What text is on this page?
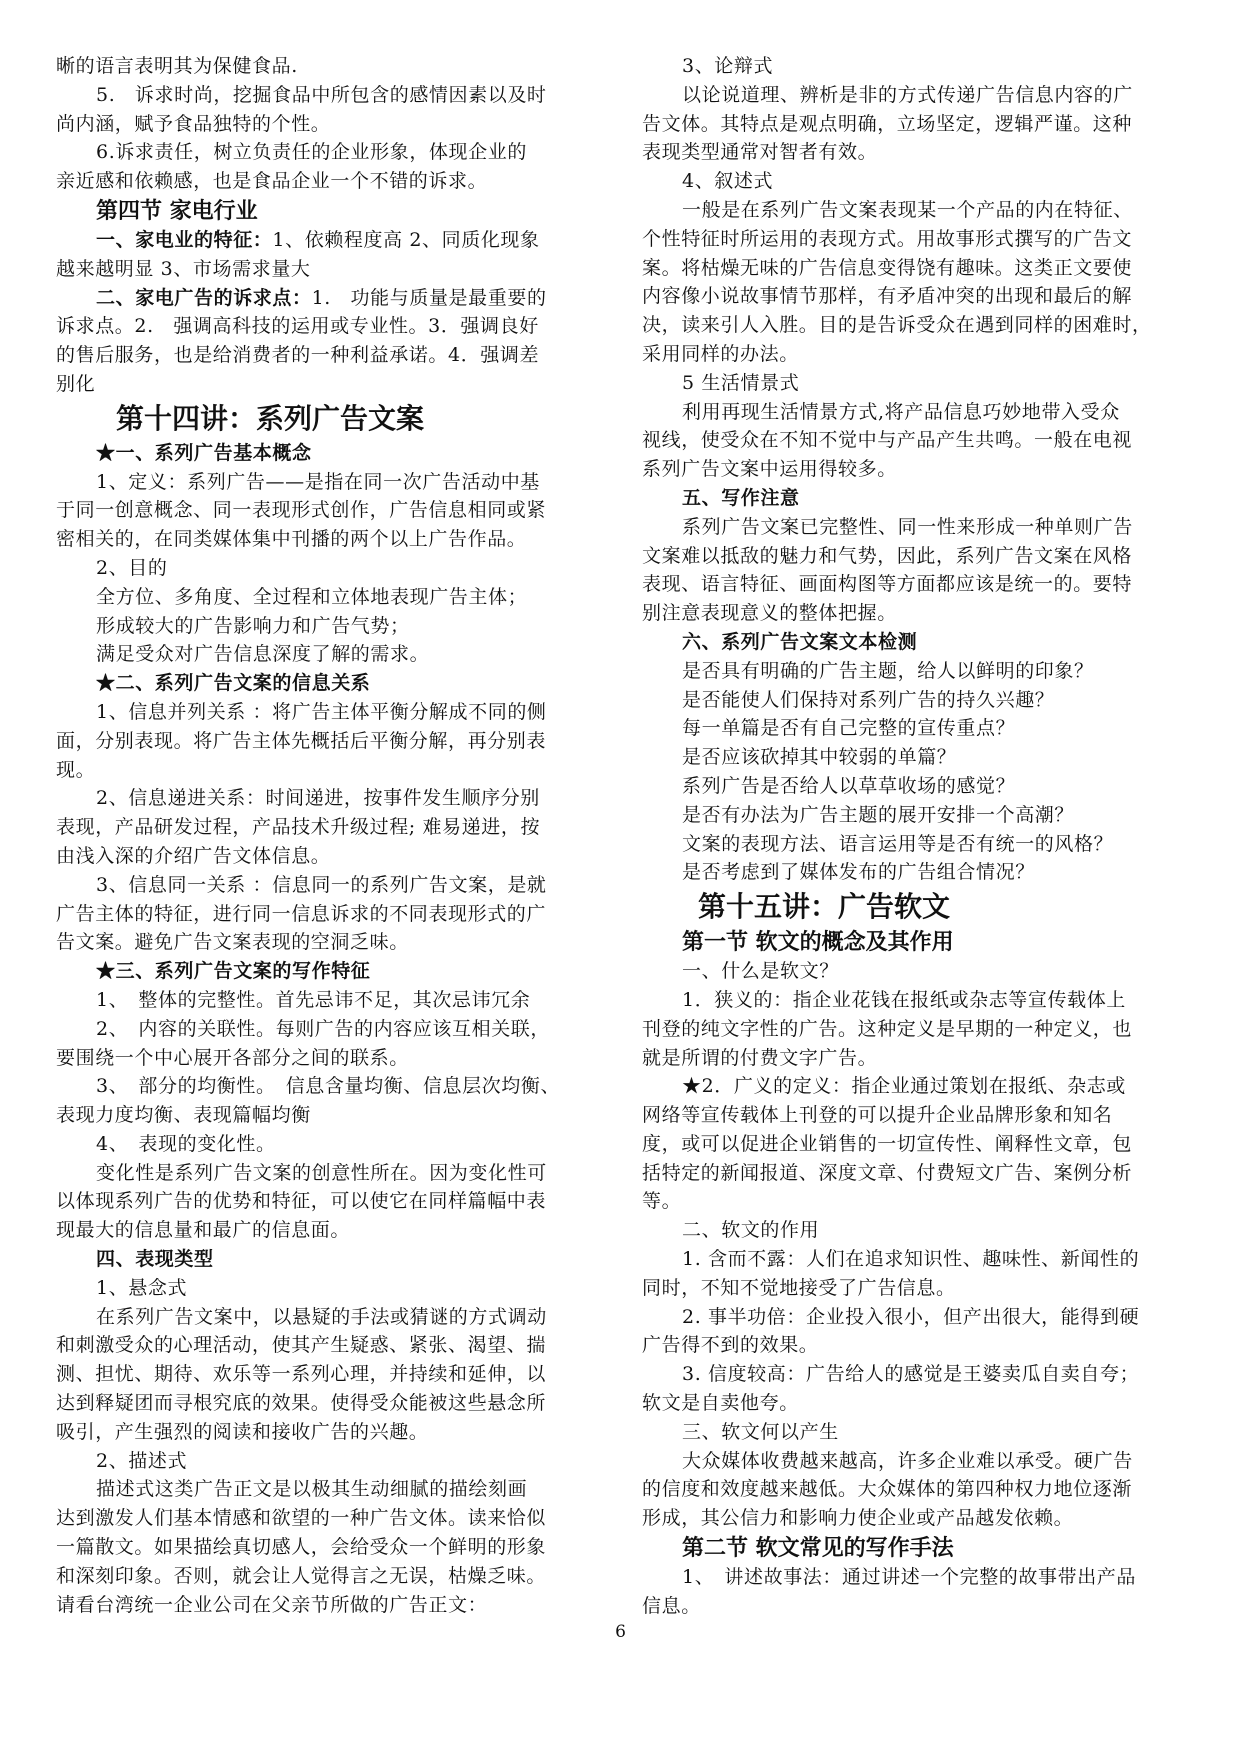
晰的语言表明其为保健食品.
5.　诉求时尚，挖掘食品中所包含的感情因素以及时
尚内涵，赋予食品独特的个性。
6.诉求责任，树立负责任的企业形象，体现企业的
亲近感和依赖感，也是食品企业一个不错的诉求。
第四节 家电行业
一、家电业的特征：1、依赖程度高 2、同质化现象
越来越明显 3、市场需求量大
二、家电广告的诉求点：1.　功能与质量是最重要的
诉求点。2.　强调高科技的运用或专业性。3．强调良好
的售后服务，也是给消费者的一种利益承诺。4．强调差
别化
第十四讲：系列广告文案
★一、系列广告基本概念
1、定义：系列广告——是指在同一次广告活动中基
于同一创意概念、同一表现形式创作，广告信息相同或紧
密相关的，在同类媒体集中刊播的两个以上广告作品。
2、目的
全方位、多角度、全过程和立体地表现广告主体；
形成较大的广告影响力和广告气势；
满足受众对广告信息深度了解的需求。
★二、系列广告文案的信息关系
1、信息并列关系 ：将广告主体平衡分解成不同的侧
面，分别表现。将广告主体先概括后平衡分解，再分别表
现。
2、信息递进关系：时间递进，按事件发生顺序分别
表现，产品研发过程，产品技术升级过程; 难易递进，按
由浅入深的介绍广告文体信息。
3、信息同一关系 ：信息同一的系列广告文案，是就
广告主体的特征，进行同一信息诉求的不同表现形式的广
告文案。避免广告文案表现的空洞乏味。
★三、系列广告文案的写作特征
1、　整体的完整性。首先忌讳不足，其次忌讳冗余
2、　内容的关联性。每则广告的内容应该互相关联，
要围绕一个中心展开各部分之间的联系。
3、　部分的均衡性。　信息含量均衡、信息层次均衡、
表现力度均衡、表现篇幅均衡
4、　表现的变化性。
变化性是系列广告文案的创意性所在。因为变化性可
以体现系列广告的优势和特征，可以使它在同样篇幅中表
现最大的信息量和最广的信息面。
四、表现类型
1、悬念式
在系列广告文案中，以悬疑的手法或猜谜的方式调动
和刺激受众的心理活动，使其产生疑惑、紧张、渴望、揣
测、担忧、期待、欢乐等一系列心理，并持续和延伸，以
达到释疑团而寻根究底的效果。使得受众能被这些悬念所
吸引，产生强烈的阅读和接收广告的兴趣。
2、描述式
描述式这类广告正文是以极其生动细腻的描绘刻画
达到激发人们基本情感和欲望的一种广告文体。读来恰似
一篇散文。如果描绘真切感人，会给受众一个鲜明的形象
和深刻印象。否则，就会让人觉得言之无误，枯燥乏味。
请看台湾统一企业公司在父亲节所做的广告正文：
3、论辩式
以论说道理、辨析是非的方式传递广告信息内容的广
告文体。其特点是观点明确，立场坚定，逻辑严谨。这种
表现类型通常对智者有效。
4、叙述式
一般是在系列广告文案表现某一个产品的内在特征、
个性特征时所运用的表现方式。用故事形式撰写的广告文
案。将枯燥无味的广告信息变得饶有趣味。这类正文要使
内容像小说故事情节那样，有矛盾冲突的出现和最后的解
决，读来引人入胜。目的是告诉受众在遇到同样的困难时，
采用同样的办法。
5 生活情景式
利用再现生活情景方式,将产品信息巧妙地带入受众
视线，使受众在不知不觉中与产品产生共鸣。一般在电视
系列广告文案中运用得较多。
五、写作注意
系列广告文案已完整性、同一性来形成一种单则广告
文案难以抵敌的魅力和气势，因此，系列广告文案在风格
表现、语言特征、画面构图等方面都应该是统一的。要特
别注意表现意义的整体把握。
六、系列广告文案文本检测
是否具有明确的广告主题，给人以鲜明的印象？
是否能使人们保持对系列广告的持久兴趣？
每一单篇是否有自己完整的宣传重点？
是否应该砍掉其中较弱的单篇？
系列广告是否给人以草草收场的感觉？
是否有办法为广告主题的展开安排一个高潮？
文案的表现方法、语言运用等是否有统一的风格？
是否考虑到了媒体发布的广告组合情况？
第十五讲：广告软文
第一节 软文的概念及其作用
一、什么是软文？
1．狭义的：指企业花钱在报纸或杂志等宣传载体上
刊登的纯文字性的广告。这种定义是早期的一种定义，也
就是所谓的付费文字广告。
★2．广义的定义：指企业通过策划在报纸、杂志或
网络等宣传载体上刊登的可以提升企业品牌形象和知名
度，或可以促进企业销售的一切宣传性、阐释性文章，包
括特定的新闻报道、深度文章、付费短文广告、案例分析
等。
二、软文的作用
1. 含而不露：人们在追求知识性、趣味性、新闻性的
同时，不知不觉地接受了广告信息。
2. 事半功倍：企业投入很小，但产出很大，能得到硬
广告得不到的效果。
3. 信度较高：广告给人的感觉是王婆卖瓜自卖自夸；
软文是自卖他夸。
三、软文何以产生
大众媒体收费越来越高，许多企业难以承受。硬广告
的信度和效度越来越低。大众媒体的第四种权力地位逐渐
形成，其公信力和影响力使企业或产品越发依赖。
第二节 软文常见的写作手法
1、　讲述故事法：通过讲述一个完整的故事带出产品
信息。
6
